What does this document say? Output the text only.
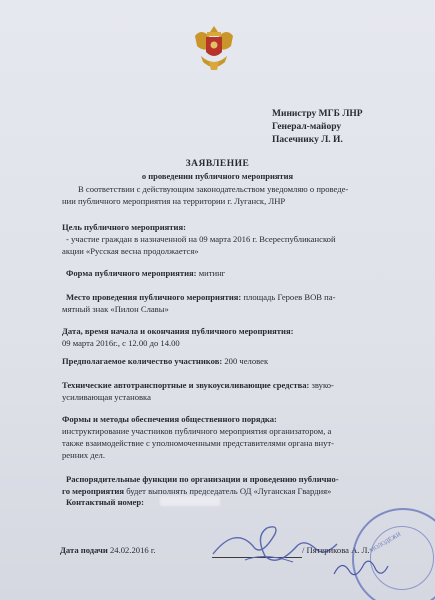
Министру МГБ ЛНР
Генерал-майору
Пасечнику Л. И.
ЗАЯВЛЕНИЕ
о проведении публичного мероприятия
В соответствии с действующим законодательством уведомляю о проведе-
нии публичного мероприятия на территории г. Луганск, ЛНР
Цель публичного мероприятия:
- участие граждан в назначенной на 09 марта 2016 г. Всереспубликанской
акции «Русская весна продолжается»
Форма публичного мероприятия: митинг
Место проведения публичного мероприятия: площадь Героев ВОВ па-
мятный знак «Пилон Славы»
Дата, время начала и окончания публичного мероприятия:
09 марта 2016г., с 12.00 до 14.00
Предполагаемое количество участников: 200 человек
Технические автотранспортные и звукоусиливающие средства: звуко-
усиливающая установка
Формы и методы обеспечения общественного порядка:
инструктирование участников публичного мероприятия организатором, а
также взаимодействие с уполномоченными представителями органа внут-
ренних дел.
Распорядительные функции по организации и проведению публично-
го мероприятия будет выполнять председатель ОД «Луганская Гвардия»
Контактный номер:
Дата подачи 24.02.2016 г.	/ Пятерикова А. Л. МОЛОДЁЖИ
